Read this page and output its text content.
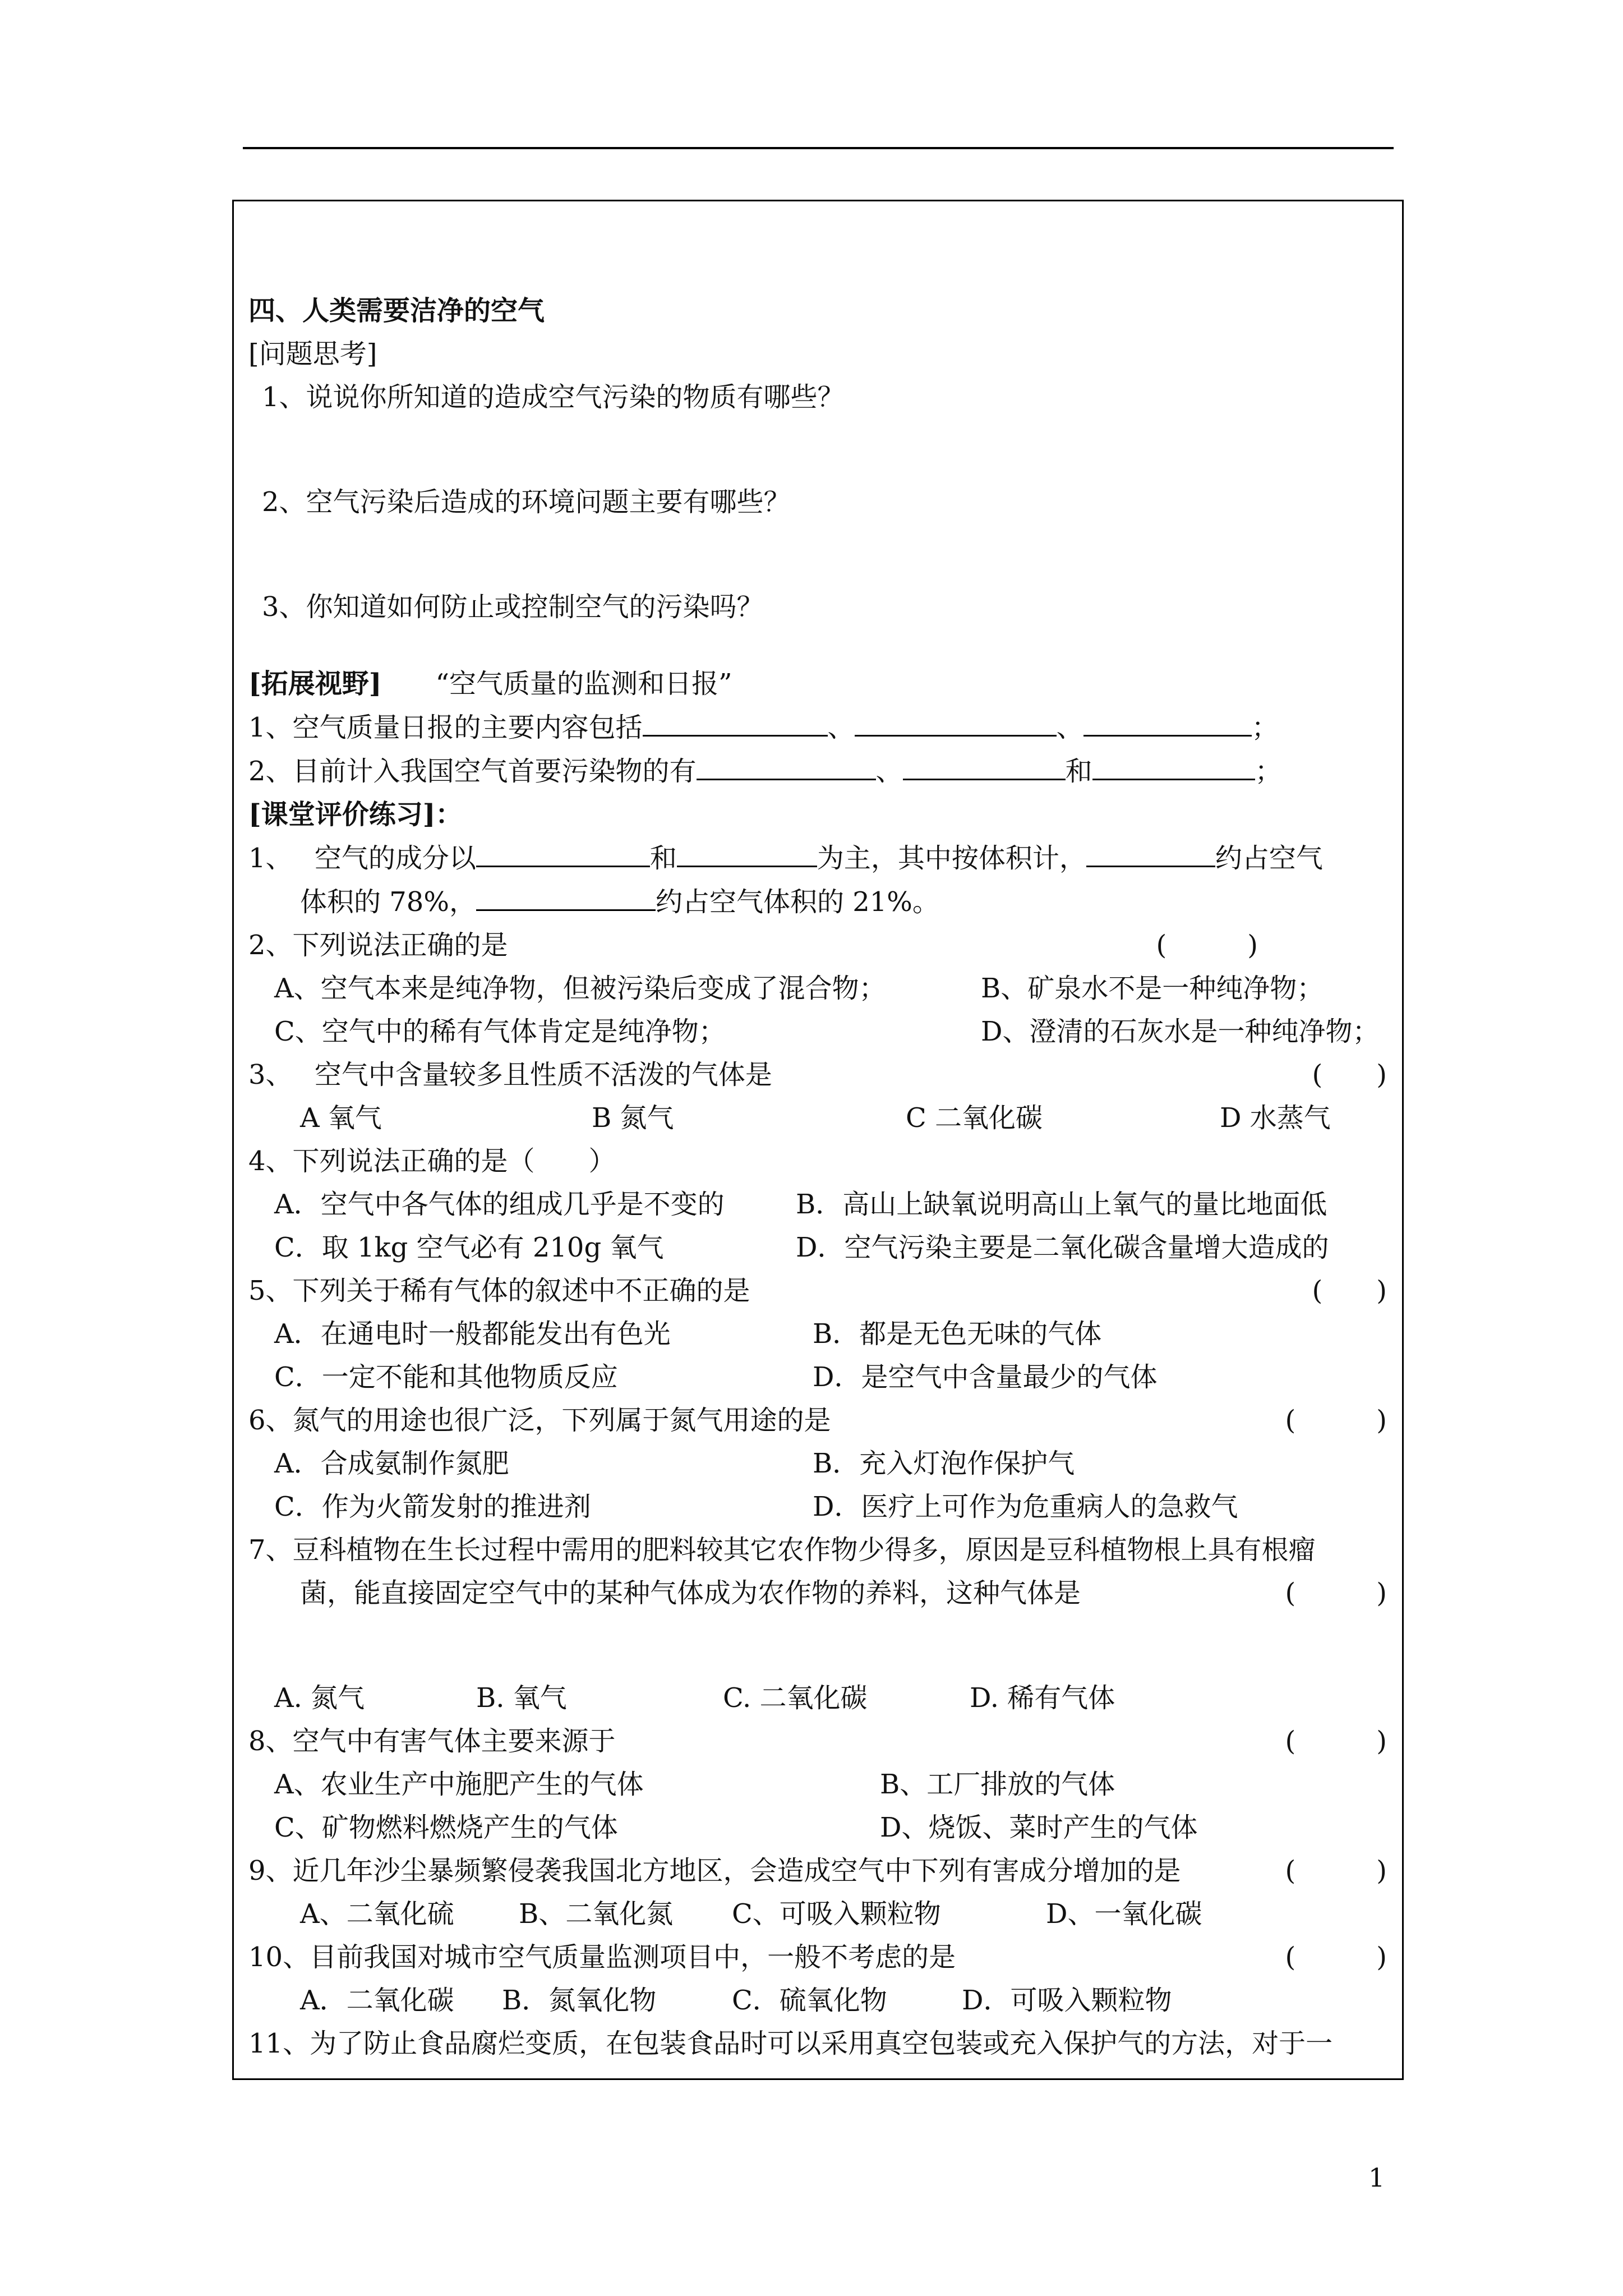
四、人类需要洁净的空气
[问题思考]
1、说说你所知道的造成空气污染的物质有哪些？
2、空气污染后造成的环境问题主要有哪些？
3、你知道如何防止或控制空气的污染吗？
[拓展视野]　　 “空气质量的监测和日报”
1、空气质量日报的主要内容包括	、	、	；
2、目前计入我国空气首要污染物的有	、	和	；
[课堂评价练习]：
1、　 空气的成分以	和	为主，其中按体积计，	约占空气
体积的 78%，	约占空气体积的 21%。
2、下列说法正确的是	(　　　)
A、空气本来是纯净物，但被污染后变成了混合物；	B、矿泉水不是一种纯净物；
C、空气中的稀有气体肯定是纯净物；	D、澄清的石灰水是一种纯净物；
3、　 空气中含量较多且性质不活泼的气体是	(　　)
A 氧气	B 氮气	C 二氧化碳	D 水蒸气
4、下列说法正确的是（　　）
A．空气中各气体的组成几乎是不变的	B．高山上缺氧说明高山上氧气的量比地面低
C．取 1kg 空气必有 210g 氧气	D．空气污染主要是二氧化碳含量增大造成的
5、下列关于稀有气体的叙述中不正确的是	(　　)
A．在通电时一般都能发出有色光	B．都是无色无味的气体
C．一定不能和其他物质反应	D．是空气中含量最少的气体
6、氮气的用途也很广泛，下列属于氮气用途的是	(　　　)
A．合成氨制作氮肥	B．充入灯泡作保护气
C．作为火箭发射的推进剂	D．医疗上可作为危重病人的急救气
7、豆科植物在生长过程中需用的肥料较其它农作物少得多，原因是豆科植物根上具有根瘤
菌，能直接固定空气中的某种气体成为农作物的养料，这种气体是	(　　　)
A. 氮气	B. 氧气	C. 二氧化碳	D. 稀有气体
8、空气中有害气体主要来源于	(　　　)
A、农业生产中施肥产生的气体	B、工厂排放的气体
C、矿物燃料燃烧产生的气体	D、烧饭、菜时产生的气体
9、近几年沙尘暴频繁侵袭我国北方地区，会造成空气中下列有害成分增加的是	(　　　)
A、二氧化硫 B、二氧化氮 C、可吸入颗粒物	D、一氧化碳
10、目前我国对城市空气质量监测项目中，一般不考虑的是	(　　　)
A．二氧化碳 B．氮氧化物	C．硫氧化物	D．可吸入颗粒物
11、为了防止食品腐烂变质，在包装食品时可以采用真空包装或充入保护气的方法，对于一
1
